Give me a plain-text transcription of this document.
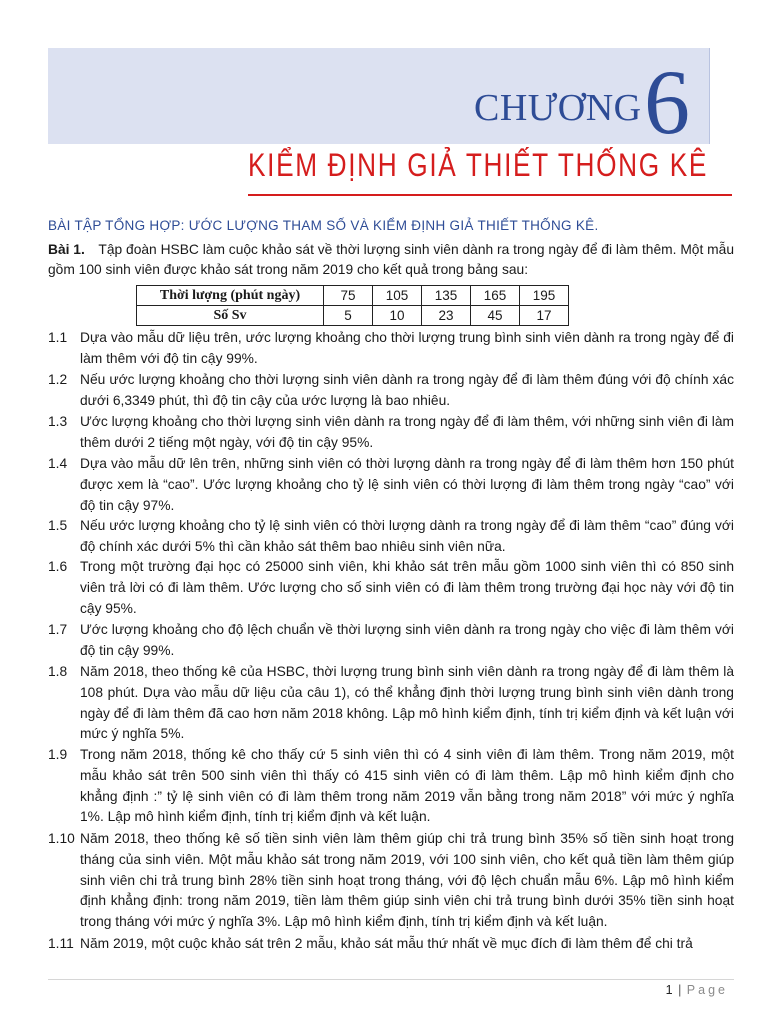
CHƯƠNG 6
KIỂM ĐỊNH GIẢ THIẾT THỐNG KÊ
BÀI TẬP TỔNG HỢP: ƯỚC LƯỢNG THAM SỐ VÀ KIỂM ĐỊNH GIẢ THIẾT THỐNG KÊ.
Bài 1. Tập đoàn HSBC làm cuộc khảo sát về thời lượng sinh viên dành ra trong ngày để đi làm thêm. Một mẫu gồm 100 sinh viên được khảo sát trong năm 2019 cho kết quả trong bảng sau:
Thời lượng (phút ngày)	75	105	135	165	195
Số Sv	5	10	23	45	17
1.1 Dựa vào mẫu dữ liệu trên, ước lượng khoảng cho thời lượng trung bình sinh viên dành ra trong ngày để đi làm thêm với độ tin cậy 99%.
1.2 Nếu ước lượng khoảng cho thời lượng sinh viên dành ra trong ngày để đi làm thêm đúng với độ chính xác dưới 6,3349 phút, thì độ tin cậy của ước lượng là bao nhiêu.
1.3 Ước lượng khoảng cho thời lượng sinh viên dành ra trong ngày để đi làm thêm, với những sinh viên đi làm thêm dưới 2 tiếng một ngày, với độ tin cậy 95%.
1.4 Dựa vào mẫu dữ lên trên, những sinh viên có thời lượng dành ra trong ngày để đi làm thêm hơn 150 phút được xem là “cao”. Ước lượng khoảng cho tỷ lệ sinh viên có thời lượng đi làm thêm trong ngày “cao” với độ tin cậy 97%.
1.5 Nếu ước lượng khoảng cho tỷ lệ sinh viên có thời lượng dành ra trong ngày để đi làm thêm “cao” đúng với độ chính xác dưới 5% thì cần khảo sát thêm bao nhiêu sinh viên nữa.
1.6 Trong một trường đại học có 25000 sinh viên, khi khảo sát trên mẫu gồm 1000 sinh viên thì có 850 sinh viên trả lời có đi làm thêm. Ước lượng cho số sinh viên có đi làm thêm trong trường đại học này với độ tin cậy 95%.
1.7 Ước lượng khoảng cho độ lệch chuẩn về thời lượng sinh viên dành ra trong ngày cho việc đi làm thêm với độ tin cậy 99%.
1.8 Năm 2018, theo thống kê của HSBC, thời lượng trung bình sinh viên dành ra trong ngày để đi làm thêm là 108 phút. Dựa vào mẫu dữ liệu của câu 1), có thể khẳng định thời lượng trung bình sinh viên dành trong ngày để đi làm thêm đã cao hơn năm 2018 không. Lập mô hình kiểm định, tính trị kiểm định và kết luận với mức ý nghĩa 5%.
1.9 Trong năm 2018, thống kê cho thấy cứ 5 sinh viên thì có 4 sinh viên đi làm thêm. Trong năm 2019, một mẫu khảo sát trên 500 sinh viên thì thấy có 415 sinh viên có đi làm thêm. Lập mô hình kiểm định cho khẳng định :” tỷ lệ sinh viên có đi làm thêm trong năm 2019 vẫn bằng trong năm 2018” với mức ý nghĩa 1%. Lập mô hình kiểm định, tính trị kiểm định và kết luận.
1.10 Năm 2018, theo thống kê số tiền sinh viên làm thêm giúp chi trả trung bình 35% số tiền sinh hoạt trong tháng của sinh viên. Một mẫu khảo sát trong năm 2019, với 100 sinh viên, cho kết quả tiền làm thêm giúp sinh viên chi trả trung bình 28% tiền sinh hoạt trong tháng, với độ lệch chuẩn mẫu 6%. Lập mô hình kiểm định khẳng định: trong năm 2019, tiền làm thêm giúp sinh viên chi trả trung bình dưới 35% tiền sinh hoạt trong tháng với mức ý nghĩa 3%. Lập mô hình kiểm định, tính trị kiểm định và kết luận.
1.11 Năm 2019, một cuộc khảo sát trên 2 mẫu, khảo sát mẫu thứ nhất về mục đích đi làm thêm để chi trả
1 | Page
